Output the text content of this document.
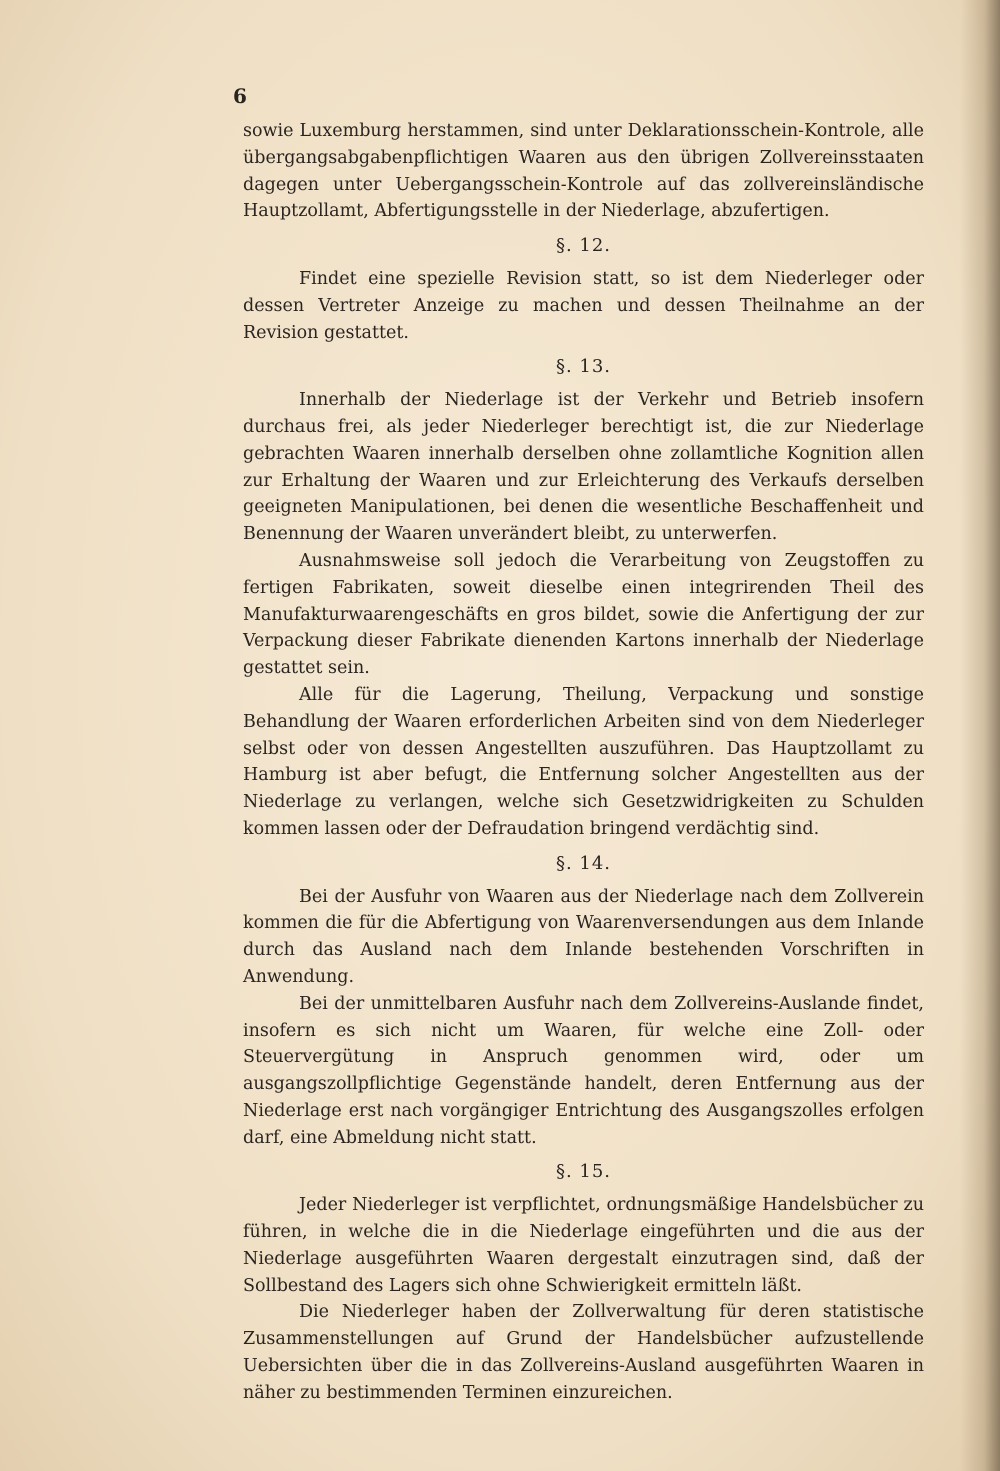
6

sowie Luxemburg herstammen, sind unter Deklarationsschein-Kontrole, alle übergangsabgabenpflichtigen Waaren aus den übrigen Zollvereinsstaaten dagegen unter Uebergangsschein-Kontrole auf das zollvereinsländische Hauptzollamt, Abfertigungsstelle in der Niederlage, abzufertigen.

§. 12.

Findet eine spezielle Revision statt, so ist dem Niederleger oder dessen Vertreter Anzeige zu machen und dessen Theilnahme an der Revision gestattet.

§. 13.

Innerhalb der Niederlage ist der Verkehr und Betrieb insofern durchaus frei, als jeder Niederleger berechtigt ist, die zur Niederlage gebrachten Waaren innerhalb derselben ohne zollamtliche Kognition allen zur Erhaltung der Waaren und zur Erleichterung des Verkaufs derselben geeigneten Manipulationen, bei denen die wesentliche Beschaffenheit und Benennung der Waaren unverändert bleibt, zu unterwerfen.

Ausnahmsweise soll jedoch die Verarbeitung von Zeugstoffen zu fertigen Fabrikaten, soweit dieselbe einen integrirenden Theil des Manufakturwaarengeschäfts en gros bildet, sowie die Anfertigung der zur Verpackung dieser Fabrikate dienenden Kartons innerhalb der Niederlage gestattet sein.

Alle für die Lagerung, Theilung, Verpackung und sonstige Behandlung der Waaren erforderlichen Arbeiten sind von dem Niederleger selbst oder von dessen Angestellten auszuführen. Das Hauptzollamt zu Hamburg ist aber befugt, die Entfernung solcher Angestellten aus der Niederlage zu verlangen, welche sich Gesetzwidrigkeiten zu Schulden kommen lassen oder der Defraudation bringend verdächtig sind.

§. 14.

Bei der Ausfuhr von Waaren aus der Niederlage nach dem Zollverein kommen die für die Abfertigung von Waarenversendungen aus dem Inlande durch das Ausland nach dem Inlande bestehenden Vorschriften in Anwendung.

Bei der unmittelbaren Ausfuhr nach dem Zollvereins-Auslande findet, insofern es sich nicht um Waaren, für welche eine Zoll- oder Steuervergütung in Anspruch genommen wird, oder um ausgangszollpflichtige Gegenstände handelt, deren Entfernung aus der Niederlage erst nach vorgängiger Entrichtung des Ausgangszolles erfolgen darf, eine Abmeldung nicht statt.

§. 15.

Jeder Niederleger ist verpflichtet, ordnungsmäßige Handelsbücher zu führen, in welche die in die Niederlage eingeführten und die aus der Niederlage ausgeführten Waaren dergestalt einzutragen sind, daß der Sollbestand des Lagers sich ohne Schwierigkeit ermitteln läßt.

Die Niederleger haben der Zollverwaltung für deren statistische Zusammenstellungen auf Grund der Handelsbücher aufzustellende Uebersichten über die in das Zollvereins-Ausland ausgeführten Waaren in näher zu bestimmenden Terminen einzureichen.
